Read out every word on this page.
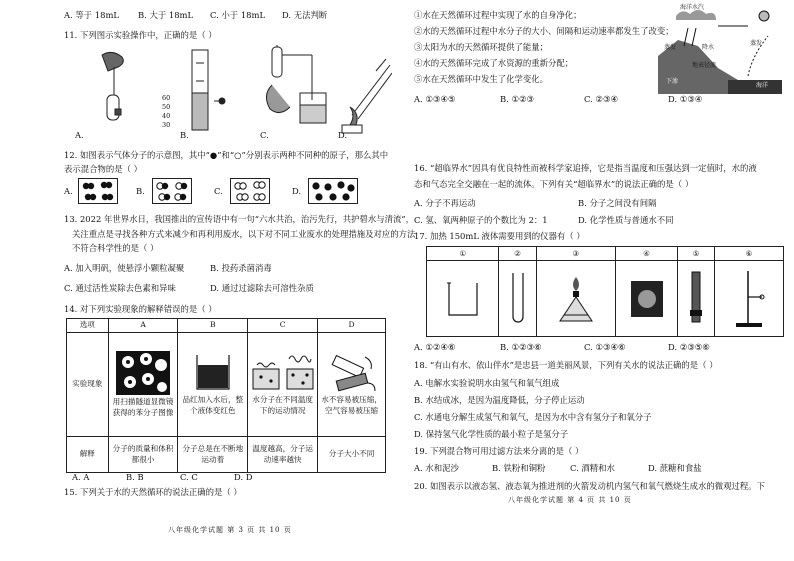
A. 等于 18mL B. 大于 18mL C. 小于 18mL D. 无法判断
11. 下列图示实验操作中，正确的是（ ）
A.	B.	C.	D.
60
50
40
30
12. 如图表示气体分子的示意图，其中“●”和“○”分别表示两种不同种的原子，那么其中
表示混合物的是（ ）
A.	B.	C.	D.
13. 2022 年世界水日，我国推出的宣传语中有一句“六水共治，治污先行，共护碧水与清流”，
关注重点是寻找各种方式来减少和再利用废水，以下对不同工业废水的处理措施及对应的方法
不符合科学性的是（ ）
A. 加入明矾，使悬浮小颗粒凝聚	B. 投药杀菌消毒
C. 通过活性炭除去色素和异味	D. 通过过滤除去可溶性杂质
14. 对下列实验现象的解释错误的是（ ）
选项	A	B	C	D
实验现象	用扫描隧道显微镜获得的苯分子图像	品红加入水后，整个液体变红色	水分子在不同温度下的运动情况	水不容易被压缩，空气容易被压缩

解释	分子的质量和体积都很小	分子总是在不断地运动着	温度越高，分子运动速率越快	分子大小不同
A. A	B. B	C. C	D. D
15. 下列关于水的天然循环的说法正确的是（ ）
八年级化学试题 第 3 页 共 10 页
①水在天然循环过程中实现了水的自身净化；
②水的天然循环过程中水分子的大小、间隔和运动速率都发生了改变；
③太阳为水的天然循环提供了能量；
④水的天然循环完成了水资源的重新分配；
⑤水在天然循环中发生了化学变化。
海洋水汽
降水
蒸发
蒸发
地表径流
下渗
海洋
A. ①③④⑤	B. ①②③	C. ②③④	D. ①③④
16. “超临界水”因具有优良特性而被科学家追捧，它是指当温度和压强达到一定值时，水的液
态和气态完全交融在一起的流体。下列有关“超临界水”的说法正确的是（ ）
A. 分子不再运动	B. 分子之间没有间隔
C. 氢、氧两种原子的个数比为 2：1	D. 化学性质与普通水不同
17. 加热 150mL 液体需要用到的仪器有（ ）
①	②	③	④	⑤	⑥

A. ①②④⑥	B. ①②③⑥	C. ①③④⑥	D. ②③⑤⑥
18. “有山有水、依山伴水”是忠县一道美丽风景，下列有关水的说法正确的是（ ）
A. 电解水实验说明水由氢气和氧气组成
B. 水结成冰，是因为温度降低，分子停止运动
C. 水通电分解生成氢气和氧气，是因为水中含有氢分子和氧分子
D. 保持氢气化学性质的最小粒子是氢分子
19. 下列混合物可用过滤方法来分离的是（ ）
A. 水和泥沙	B. 铁粉和铜粉	C. 酒精和水	D. 蔗糖和食盐
20. 如图表示以液态氢、液态氧为推进剂的火箭发动机内氢气和氧气燃烧生成水的微观过程。下
八年级化学试题 第 4 页 共 10 页
